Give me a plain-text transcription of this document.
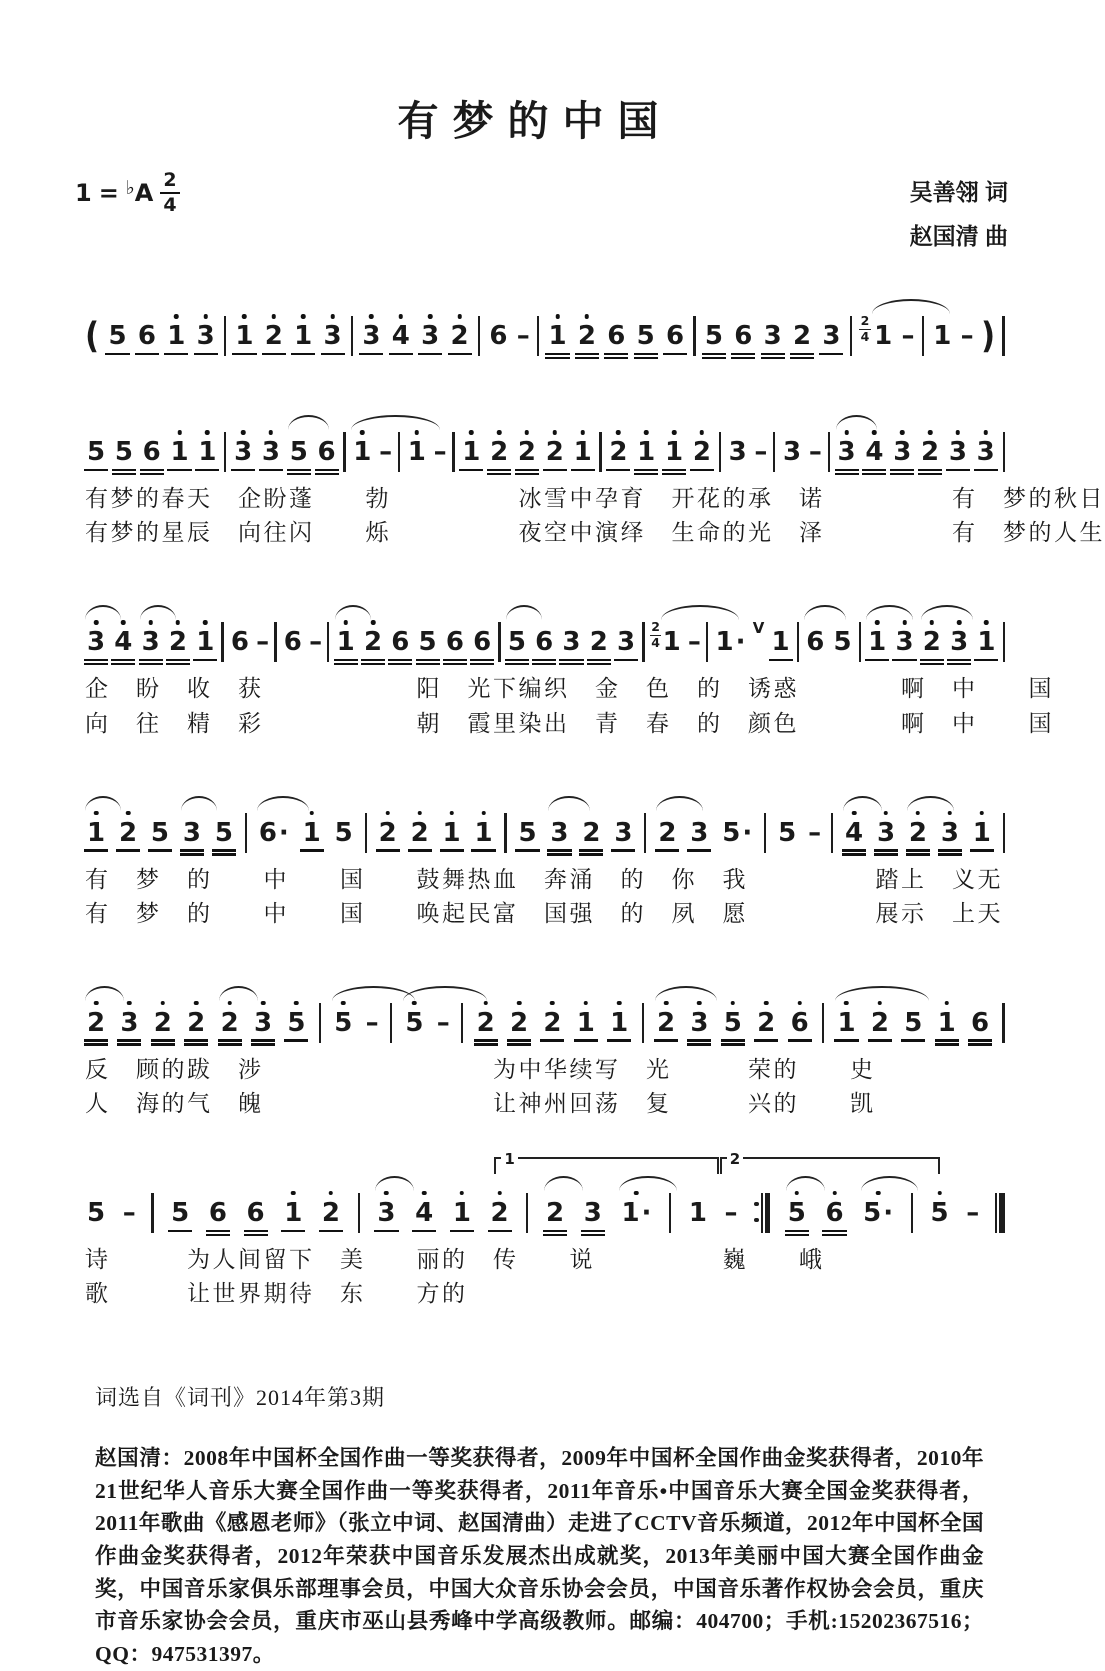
有梦的中国
1 = ♭A $\frac{2}{4}$	吴善翎 词
赵国清 曲
( 5 6 1 3 1 2 1 3 3 4 3 2 6 – 1 2 6 5 6 5 6 3 2 3
2
4 1 – 1 – )
5 5 6 1 1 3 3 5 6 1 – 1 – 1 2 2 2 1 2 1 1 2 3 – 3 – 3 4 3 2 3 3
有梦的春天　企盼蓬　　勃　　　　　冰雪中孕育　开花的承　诺　　　　　有　梦的秋日
有梦的星辰　向往闪　　烁　　　　　夜空中演绎　生命的光　泽　　　　　有　梦的人生
3 4 3 2 1 6 – 6 – 1 2 6 5 6 6 5 6 3 2 3
2
4 1 – 1· V 1 6 5 1 3 2 3 1
企　盼　收　获　　　　　　阳　光下编织　金　色　的　诱惑　　　　啊　中　　国
向　往　精　彩　　　　　　朝　霞里染出　青　春　的　颜色　　　　啊　中　　国
1 2 5 3 5 6· 1 5 2 2 1 1 5 3 2 3 2 3 5· 5 – 4 3 2 3 1
有　梦　的　　中　　国　　鼓舞热血　奔涌　的　你　我　　　　　踏上　义无
有　梦　的　　中　　国　　唤起民富　国强　的　夙　愿　　　　　展示　上天
2 3 2 2 2 3 5 5 – 5 – 2 2 2 1 1 2 3 5 2 6 1 2 5 1 6
反　顾的跋　涉　　　　　　　　　为中华续写　光　　　荣的　　史
人　海的气　魄　　　　　　　　　让神州回荡　复　　　兴的　　凯
1	2
5 – 5 6 6 1 2 3 4 1 2 2 3 1· 1 – 5 6 5· 5 –
诗　　　为人间留下　美　　丽的　传　　说　　　　　巍　　峨
歌　　　让世界期待　东　　方的

词选自《词刊》2014年第3期

赵国清：2008年中国杯全国作曲一等奖获得者，2009年中国杯全国作曲金奖获得者，2010年21世纪华人音乐大赛全国作曲一等奖获得者，2011年音乐•中国音乐大赛全国金奖获得者，2011年歌曲《感恩老师》（张立中词、赵国清曲）走进了CCTV音乐频道，2012年中国杯全国作曲金奖获得者，2012年荣获中国音乐发展杰出成就奖，2013年美丽中国大赛全国作曲金奖，中国音乐家俱乐部理事会员，中国大众音乐协会会员，中国音乐著作权协会会员，重庆市音乐家协会会员，重庆市巫山县秀峰中学高级教师。邮编：404700；手机:15202367516；QQ：947531397。
